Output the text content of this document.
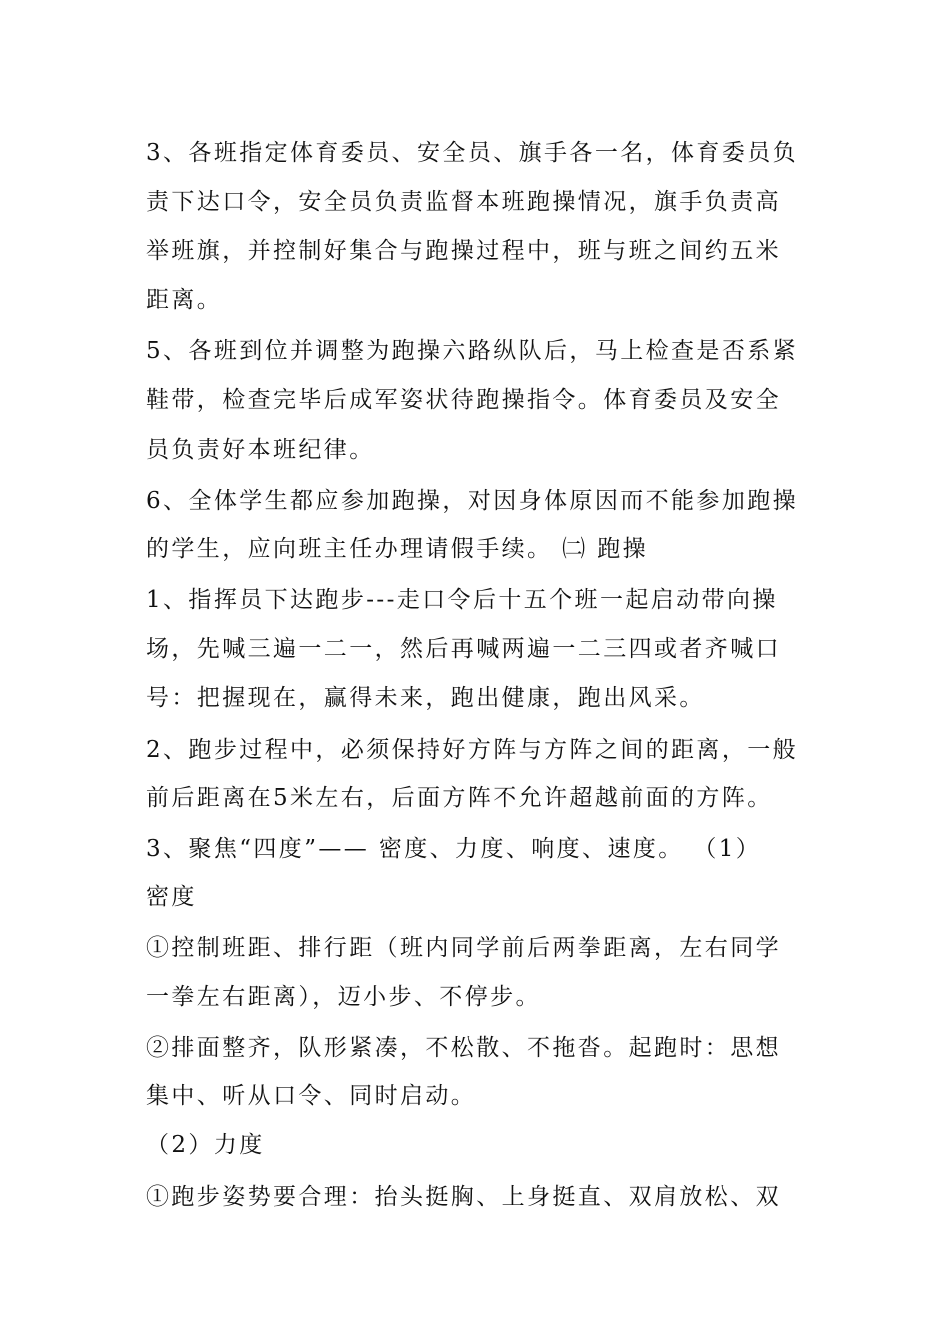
3、各班指定体育委员、安全员、旗手各一名，体育委员负
责下达口令，安全员负责监督本班跑操情况，旗手负责高
举班旗，并控制好集合与跑操过程中，班与班之间约五米
距离。
5、各班到位并调整为跑操六路纵队后，马上检查是否系紧
鞋带，检查完毕后成军姿状待跑操指令。体育委员及安全
员负责好本班纪律。
6、全体学生都应参加跑操，对因身体原因而不能参加跑操
的学生，应向班主任办理请假手续。 ㈡ 跑操
1、指挥员下达跑步---走口令后十五个班一起启动带向操
场，先喊三遍一二一，然后再喊两遍一二三四或者齐喊口
号：把握现在，赢得未来，跑出健康，跑出风采。
2、跑步过程中，必须保持好方阵与方阵之间的距离，一般
前后距离在5米左右，后面方阵不允许超越前面的方阵。
3、聚焦“四度”—— 密度、力度、响度、速度。 （1）
密度
①控制班距、排行距（班内同学前后两拳距离，左右同学
一拳左右距离），迈小步、不停步。
②排面整齐，队形紧凑，不松散、不拖沓。起跑时：思想
集中、听从口令、同时启动。
（2）力度
①跑步姿势要合理：抬头挺胸、上身挺直、双肩放松、双
